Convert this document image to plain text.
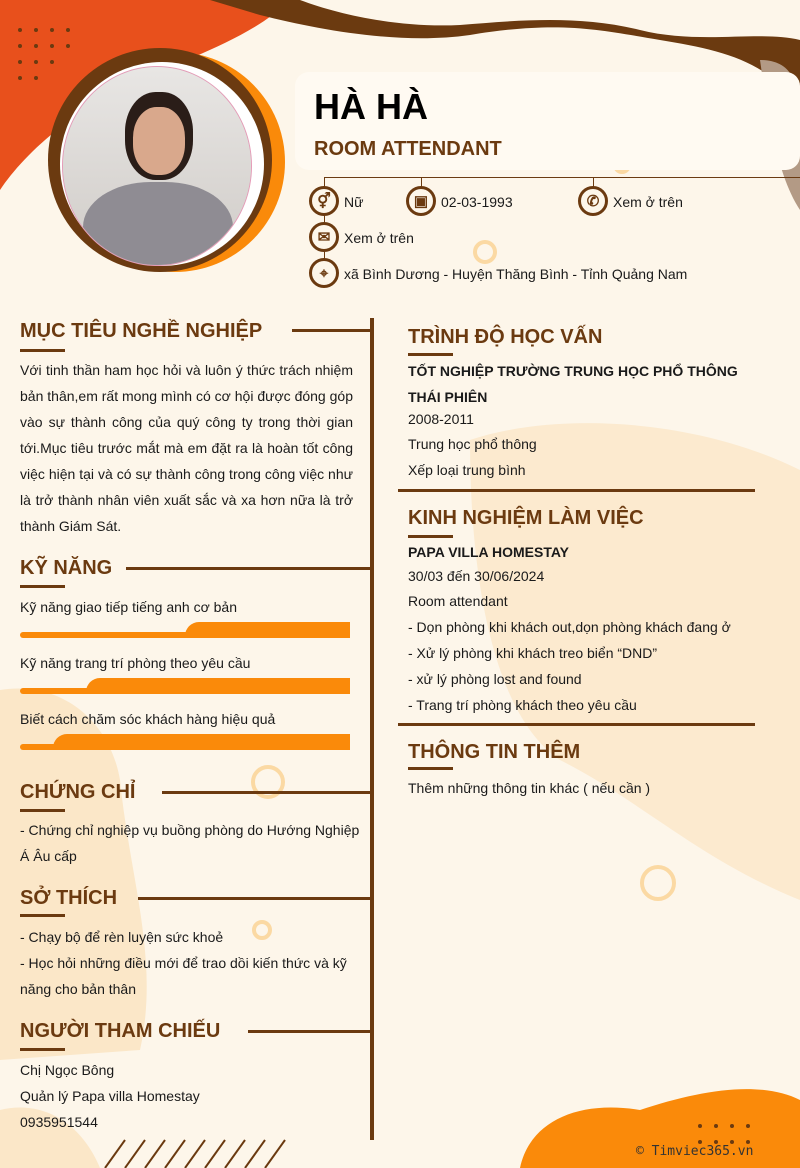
HÀ HÀ
ROOM ATTENDANT
⚥ Nữ	▣ 02-03-1993	✆ Xem ở trên
✉ Xem ở trên
⌖	xã Bình Dương - Huyện Thăng Bình - Tỉnh Quảng Nam
MỤC TIÊU NGHỀ NGHIỆP
Với tinh thần ham học hỏi và luôn ý thức trách nhiệm bản thân,em rất mong mình có cơ hội được đóng góp vào sự thành công của quý công ty trong thời gian tới.Mục tiêu trước mắt mà em đặt ra là hoàn tốt công việc hiện tại và có sự thành công trong công việc như là trở thành nhân viên xuất sắc và xa hơn nữa là trở thành Giám Sát.
KỸ NĂNG
Kỹ năng giao tiếp tiếng anh cơ bản
Kỹ năng trang trí phòng theo yêu cầu
Biết cách chăm sóc khách hàng hiệu quả
CHỨNG CHỈ
- Chứng chỉ nghiệp vụ buồng phòng do Hướng Nghiệp Á Âu cấp
SỞ THÍCH
- Chạy bộ để rèn luyện sức khoẻ
- Học hỏi những điều mới để trao dồi kiến thức và kỹ năng cho bản thân
NGƯỜI THAM CHIẾU
Chị Ngọc Bông
Quản lý Papa villa Homestay
0935951544
TRÌNH ĐỘ HỌC VẤN
TỐT NGHIỆP TRƯỜNG TRUNG HỌC PHỔ THÔNG THÁI PHIÊN
2008-2011
Trung học phổ thông
Xếp loại trung bình
KINH NGHIỆM LÀM VIỆC
PAPA VILLA HOMESTAY
30/03 đến 30/06/2024
Room attendant
- Dọn phòng khi khách out,dọn phòng khách đang ở
- Xử lý phòng khi khách treo biển “DND”
- xử lý phòng lost and found
- Trang trí phòng khách theo yêu cầu
THÔNG TIN THÊM
Thêm những thông tin khác ( nếu cần )
© Timviec365.vn
